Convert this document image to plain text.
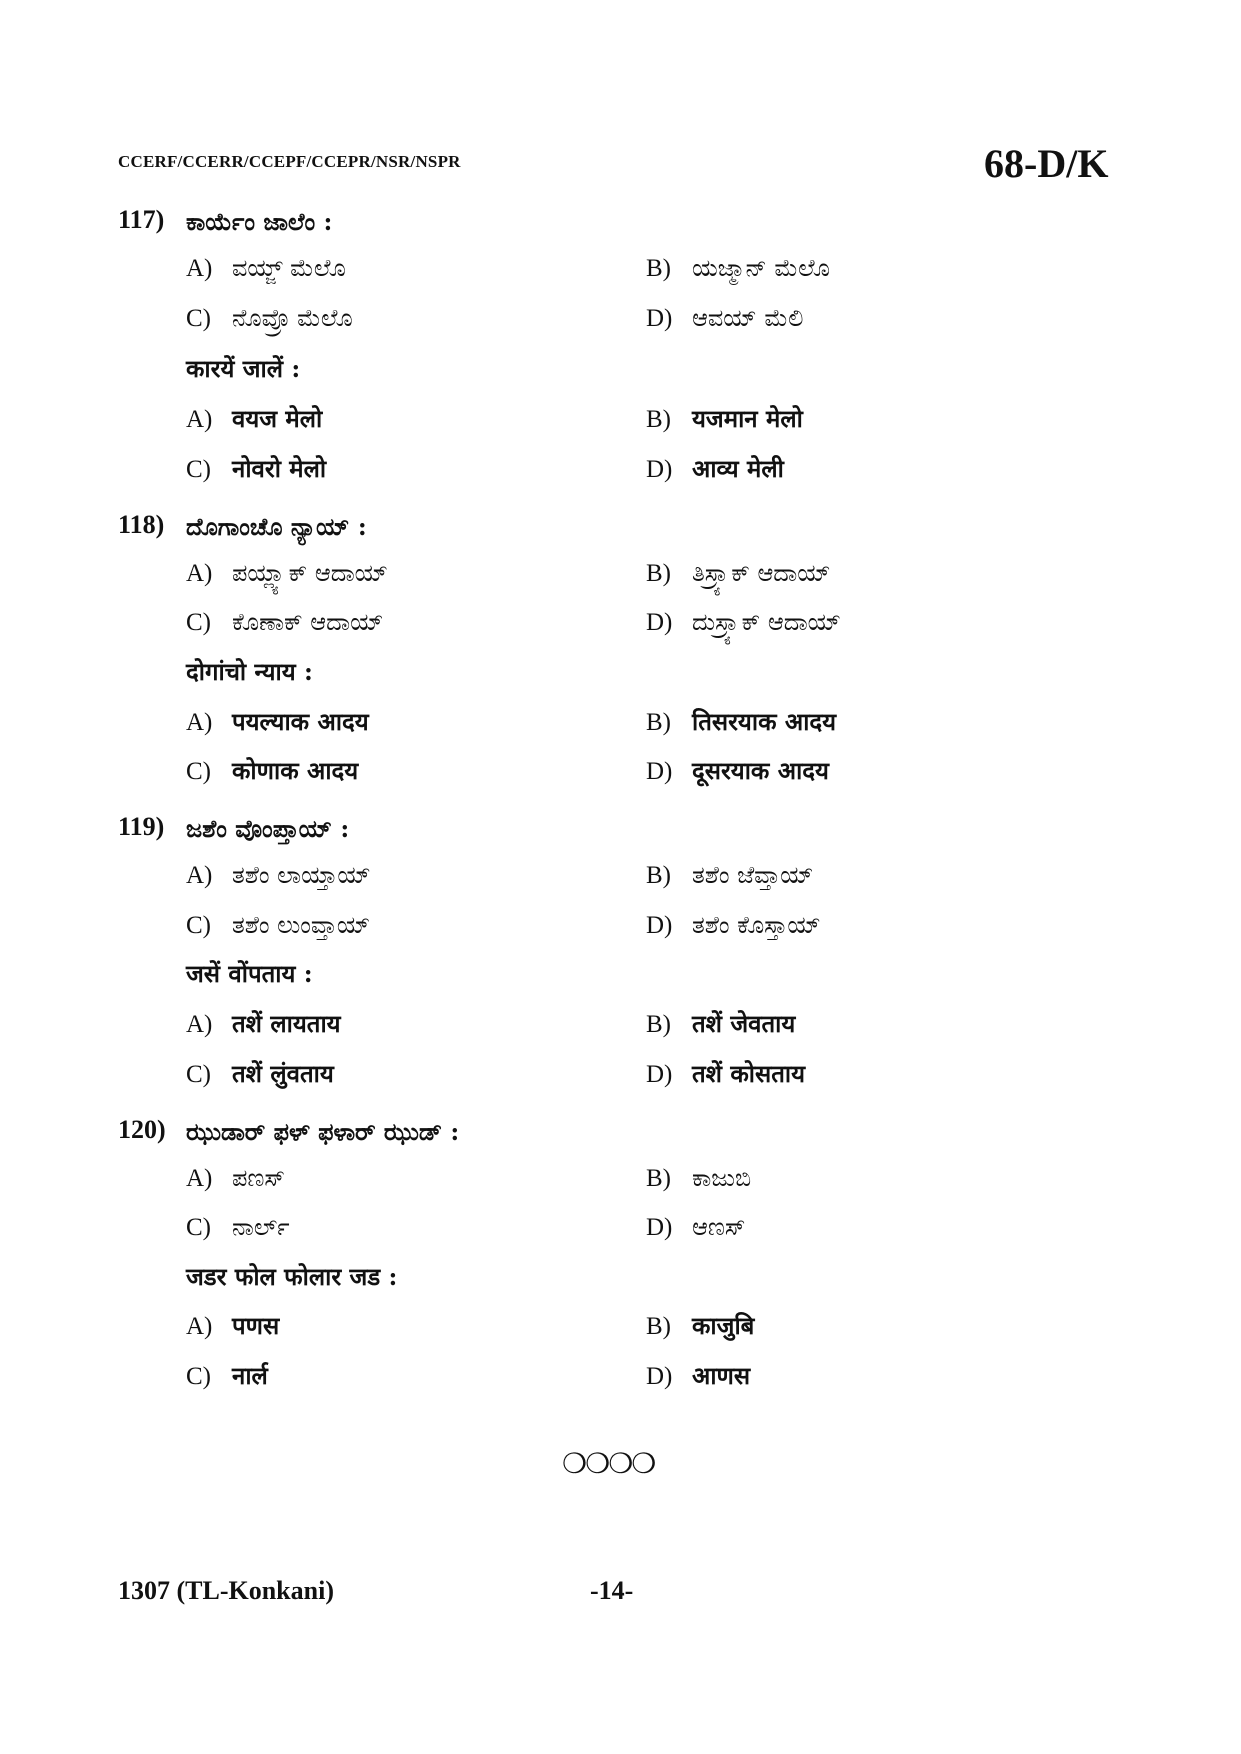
CCERF/CCERR/CCEPF/CCEPR/NSR/NSPR	68-D/K
117) ಕಾರ್ಯೆಂ ಜಾಲೆಂ :
A) ವಯ್ಜ್ ಮೆಲೊ	B) ಯಜ್ಮಾನ್ ಮೆಲೊ
C) ನೊವ್ರೊ ಮೆಲೊ	D) ಆವಯ್ ಮೆಲಿ
कारयें जालें :
A) वयज मेलो	B) यजमान मेलो
C) नोवरो मेलो	D) आव्य मेली
118) ದೊಗಾಂಚೊ ನ್ಯಾಯ್ :
A) ಪಯ್ಲ್ಯಾಕ್ ಆದಾಯ್	B) ತಿಸ್ರ್ಯಾಕ್ ಆದಾಯ್
C) ಕೊಣಾಕ್ ಆದಾಯ್	D) ದುಸ್ರ್ಯಾಕ್ ಆದಾಯ್
दोगांचो न्याय :
A) पयल्याक आदय	B) तिसरयाक आदय
C) कोणाक आदय	D) दूसरयाक आदय
119) ಜಶೆಂ ವೊಂಪ್ತಾಯ್ :
A) ತಶೆಂ ಲಾಯ್ತಾಯ್	B) ತಶೆಂ ಜೆವ್ತಾಯ್
C) ತಶೆಂ ಲುಂವ್ತಾಯ್	D) ತಶೆಂ ಕೊಸ್ತಾಯ್
जसें वोंपताय :
A) तशें लायताय	B) तशें जेवताय
C) तशें लुंवताय	D) तशें कोसताय
120) ಝುಡಾರ್ ಫಳ್ ಫಳಾರ್ ಝುಡ್ :
A) ಪಣಸ್	B) ಕಾಜುಬಿ
C) ನಾರ್ಲ್	D) ಆಣಸ್
जडर फोल फोलार जड :
A) पणस	B) काजुबि
C) नार्ल	D) आणस
❍❍❍❍
1307 (TL-Konkani)	-14-
